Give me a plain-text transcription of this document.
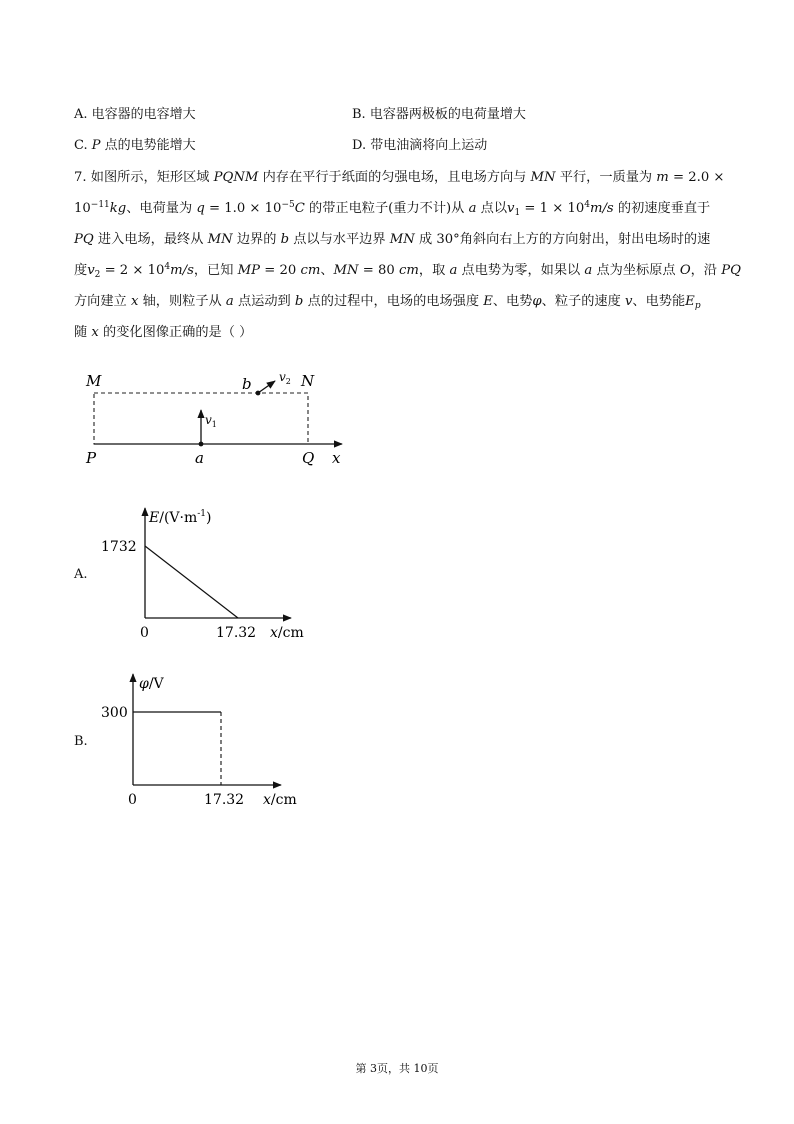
A. 电容器的电容增大	B. 电容器两极板的电荷量增大
C. P 点的电势能增大	D. 带电油滴将向上运动
7. 如图所示，矩形区域 PQNM 内存在平行于纸面的匀强电场，且电场方向与 MN 平行，一质量为 m = 2.0 ×
$10^{-11}kg$、电荷量为 $q = 1.0 \times 10^{-5}C$ 的带正电粒子(重力不计)从 a 点以$v_1 = 1 \times 10^4m/s$ 的初速度垂直于
PQ 进入电场，最终从 MN 边界的 b 点以与水平边界 MN 成 30°角斜向右上方的方向射出，射出电场时的速
度$v_2 = 2 \times 10^4m/s$，已知 MP = 20 cm、MN = 80 cm，取 a 点电势为零，如果以 a 点为坐标原点 O，沿 PQ
方向建立 x 轴，则粒子从 a 点运动到 b 点的过程中，电场的电场强度 E、电势φ、粒子的速度 v、电势能$E_p$
随 x 的变化图像正确的是（ ）
M	N
P	Q
a
b
x
$v_1$
$v_2$
A.
$E/(V\cdot m^{-1})$
1732
0	17.32 x/cm
B.
φ/V
300
0	17.32 x/cm
第 3页，共 10页
